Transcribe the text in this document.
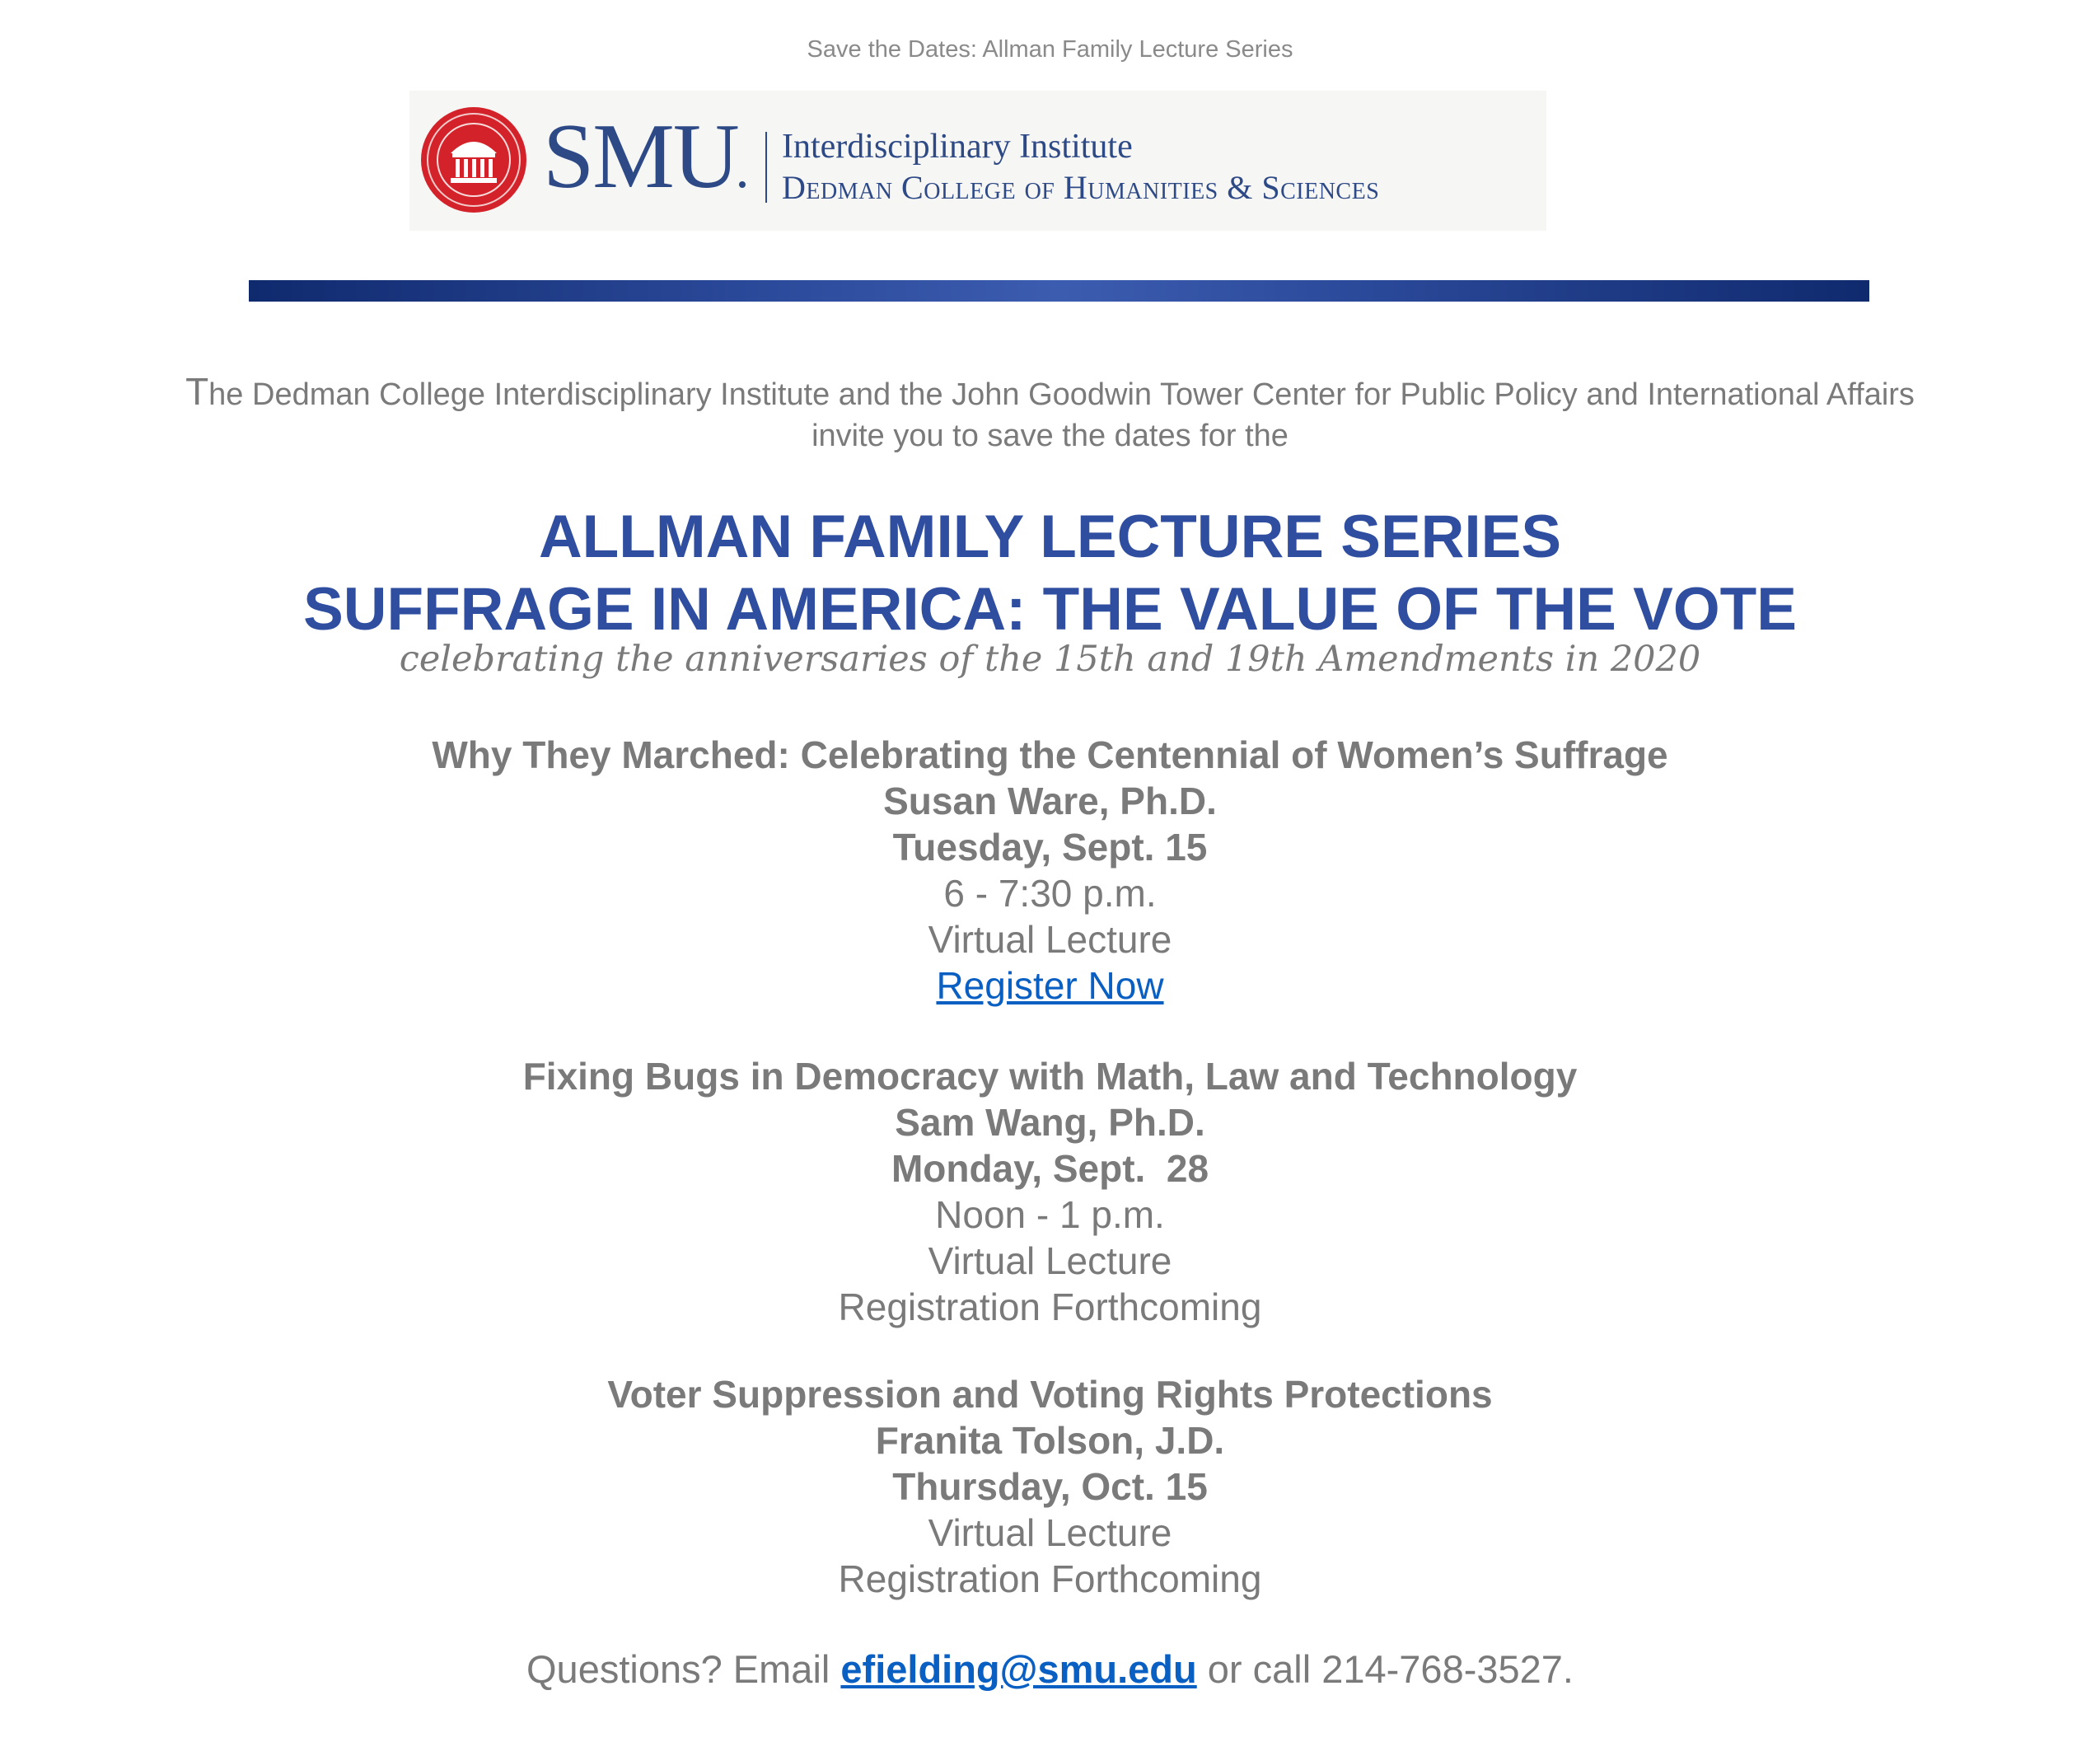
Save the Dates: Allman Family Lecture Series
SMU Interdisciplinary Institute
Dedman College of Humanities & Sciences
The Dedman College Interdisciplinary Institute and the John Goodwin Tower Center for Public Policy and International Affairs
invite you to save the dates for the
ALLMAN FAMILY LECTURE SERIES
SUFFRAGE IN AMERICA: THE VALUE OF THE VOTE
celebrating the anniversaries of the 15th and 19th Amendments in 2020
Why They Marched: Celebrating the Centennial of Women’s Suffrage
Susan Ware, Ph.D.
Tuesday, Sept. 15
6 - 7:30 p.m.
Virtual Lecture
Register Now
Fixing Bugs in Democracy with Math, Law and Technology
Sam Wang, Ph.D.
Monday, Sept.  28
Noon - 1 p.m.
Virtual Lecture
Registration Forthcoming
Voter Suppression and Voting Rights Protections
Franita Tolson, J.D.
Thursday, Oct. 15
Virtual Lecture
Registration Forthcoming
Questions? Email efielding@smu.edu or call 214-768-3527.
